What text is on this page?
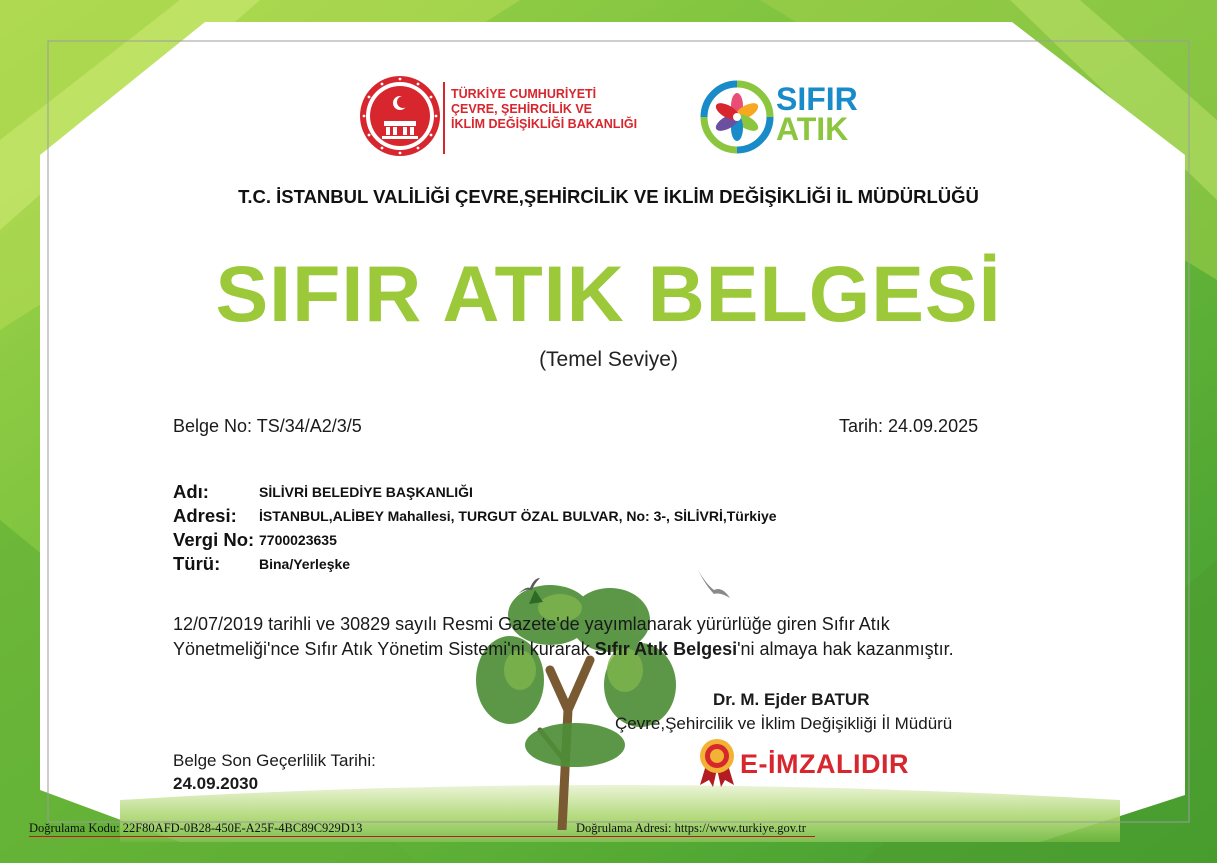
TÜRKİYE CUMHURİYETİ
ÇEVRE, ŞEHİRCİLİK VE
İKLİM DEĞİŞİKLİĞİ BAKANLIĞI
SIFIR
ATIK
T.C. İSTANBUL VALİLİĞİ ÇEVRE,ŞEHİRCİLİK VE İKLİM DEĞİŞİKLİĞİ İL MÜDÜRLÜĞÜ
SIFIR ATIK BELGESİ
(Temel Seviye)
Belge No: TS/34/A2/3/5	Tarih: 24.09.2025
Adı:	SİLİVRİ BELEDİYE BAŞKANLIĞI
Adresi: İSTANBUL,ALİBEY Mahallesi, TURGUT ÖZAL BULVAR, No: 3-, SİLİVRİ,Türkiye
Vergi No: 7700023635
Türü:	Bina/Yerleşke
12/07/2019 tarihli ve 30829 sayılı Resmi Gazete'de yayımlanarak yürürlüğe giren Sıfır Atık
Yönetmeliği'nce Sıfır Atık Yönetim Sistemi'ni kurarak Sıfır Atık Belgesi'ni almaya hak kazanmıştır.
Dr. M. Ejder BATUR
Çevre,Şehircilik ve İklim Değişikliği İl Müdürü
Belge Son Geçerlilik Tarihi:
24.09.2030
E-İMZALIDIR
Doğrulama Kodu: 22F80AFD-0B28-450E-A25F-4BC89C929D13	Doğrulama Adresi: https://www.turkiye.gov.tr
